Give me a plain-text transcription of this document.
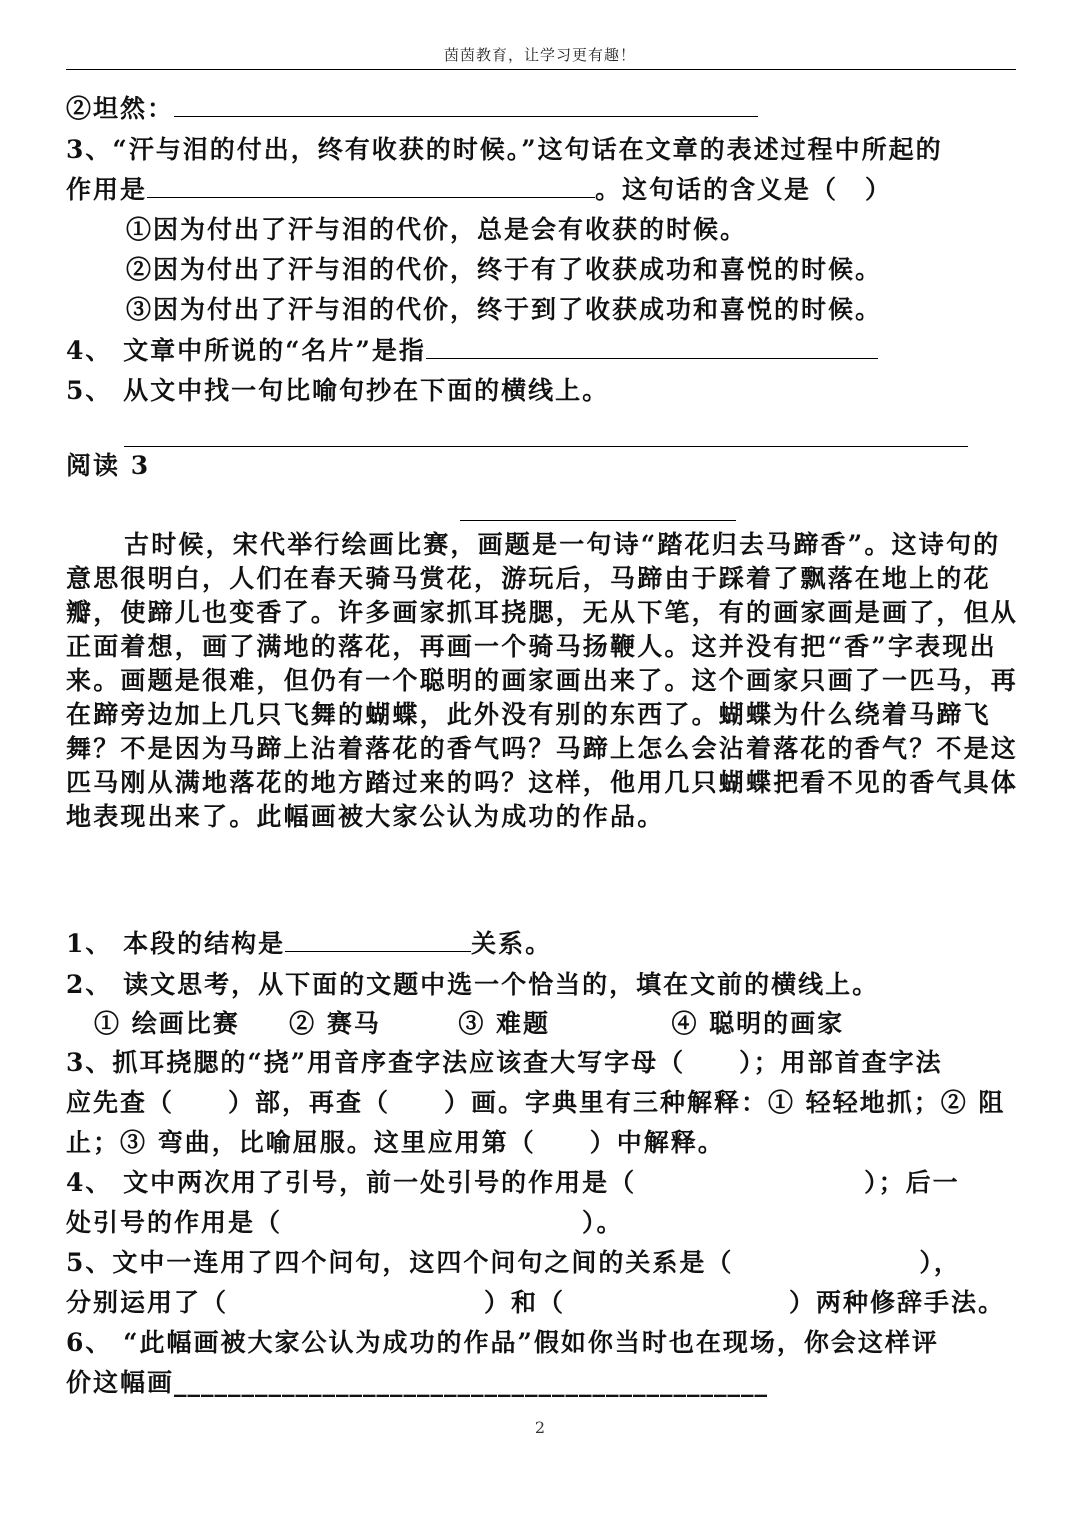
茵茵教育，让学习更有趣！
②坦然：
3、“汗与泪的付出，终有收获的时候。”这句话在文章的表述过程中所起的
作用是	。这句话的含义是（　）
①因为付出了汗与泪的代价，总是会有收获的时候。
②因为付出了汗与泪的代价，终于有了收获成功和喜悦的时候。
③因为付出了汗与泪的代价，终于到了收获成功和喜悦的时候。
4、 文章中所说的“名片”是指
5、 从文中找一句比喻句抄在下面的横线上。
阅读 3
古时候，宋代举行绘画比赛，画题是一句诗“踏花归去马蹄香”。这诗句的意思很明白，人们在春天骑马赏花，游玩后，马蹄由于踩着了飘落在地上的花瓣，使蹄儿也变香了。许多画家抓耳挠腮，无从下笔，有的画家画是画了，但从正面着想，画了满地的落花，再画一个骑马扬鞭人。这并没有把“香”字表现出来。画题是很难，但仍有一个聪明的画家画出来了。这个画家只画了一匹马，再在蹄旁边加上几只飞舞的蝴蝶，此外没有别的东西了。蝴蝶为什么绕着马蹄飞舞？不是因为马蹄上沾着落花的香气吗？马蹄上怎么会沾着落花的香气？不是这匹马刚从满地落花的地方踏过来的吗？这样，他用几只蝴蝶把看不见的香气具体地表现出来了。此幅画被大家公认为成功的作品。
1、 本段的结构是	关系。
2、 读文思考，从下面的文题中选一个恰当的，填在文前的横线上。
① 绘画比赛 ② 赛马	③ 难题	④ 聪明的画家
3、抓耳挠腮的“挠”用音序查字法应该查大写字母（　　）；用部首查字法
应先查（　　）部，再查（　　）画。字典里有三种解释：① 轻轻地抓；② 阻
止；③ 弯曲，比喻屈服。这里应用第（　　）中解释。
4、 文中两次用了引号，前一处引号的作用是（	）；后一
处引号的作用是（	）。
5、文中一连用了四个问句，这四个问句之间的关系是（	），
分别运用了（	）和（	）两种修辞手法。
6、 “此幅画被大家公认为成功的作品”假如你当时也在现场，你会这样评
价这幅画____________________________________________
2
